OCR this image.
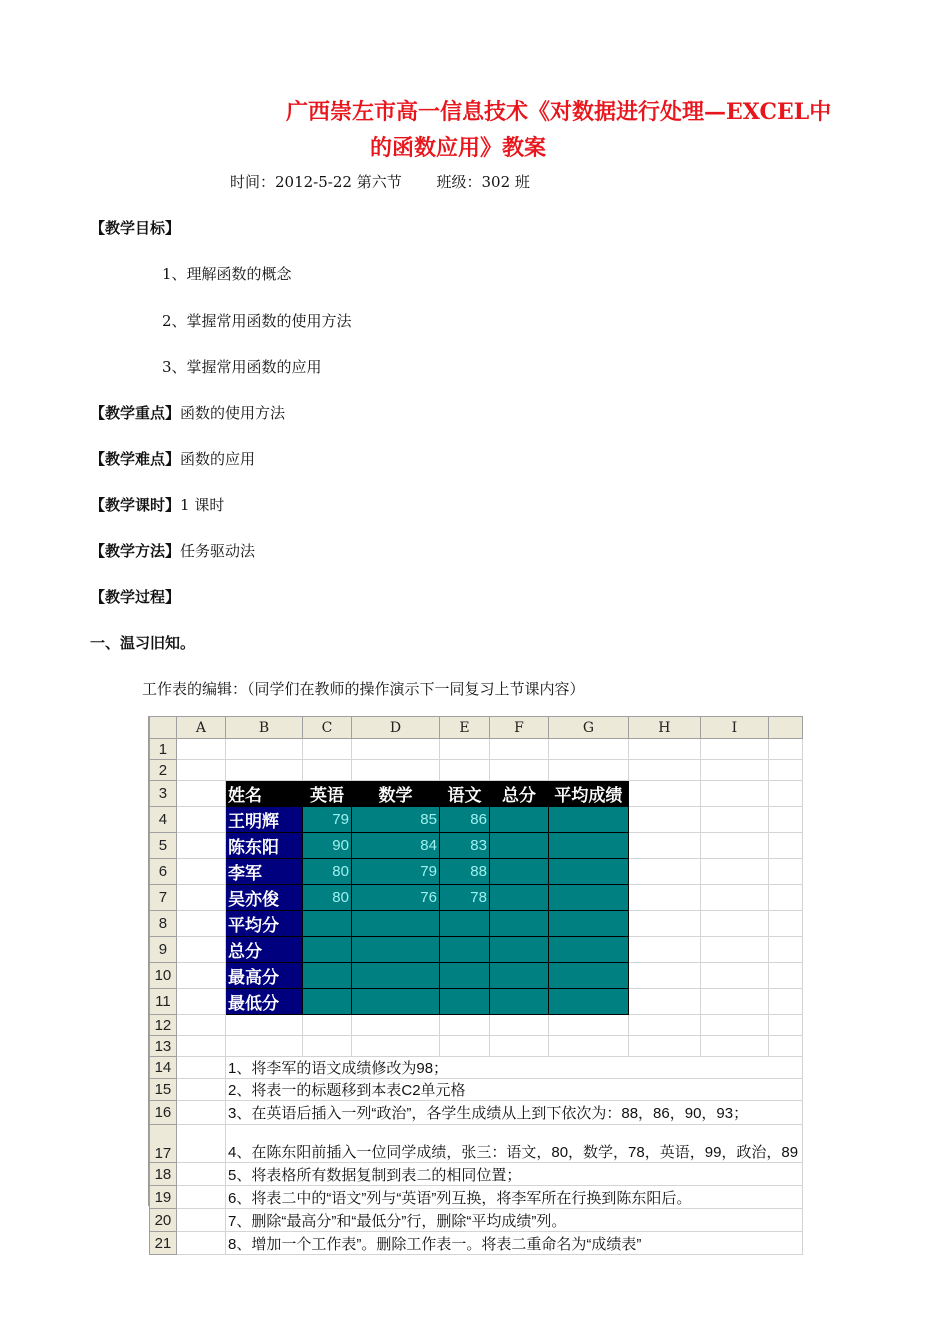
广西崇左市高一信息技术《对数据进行处理—EXCEL中
的函数应用》教案
时间：2012-5-22 第六节 班级：302 班
【教学目标】
1、理解函数的概念
2、掌握常用函数的使用方法
3、掌握常用函数的应用
【教学重点】函数的使用方法
【教学难点】函数的应用
【教学课时】1 课时
【教学方法】任务驱动法
【教学过程】
一、温习旧知。
工作表的编辑：（同学们在教师的操作演示下一同复习上节课内容）
	A	B	C	D	E	F	G	H	I	
1										
2										
3		姓名	英语	数学	语文	总分	平均成绩			
4		王明辉	79	85	86					
5		陈东阳	90	84	83					
6		李军	80	79	88					
7		吴亦俊	80	76	78					
8		平均分								
9		总分								
10		最高分								
11		最低分								
12										
13										
14		1、将李军的语文成绩修改为98；								
15		2、将表一的标题移到本表C2单元格								
16		3、在英语后插入一列“政治”，各学生成绩从上到下依次为：88，86，90，93；								
17		4、在陈东阳前插入一位同学成绩，张三：语文，80，数学，78，英语，99，政治，89								
18		5、将表格所有数据复制到表二的相同位置；								
19		6、将表二中的“语文”列与“英语”列互换，将李军所在行换到陈东阳后。								
20		7、删除“最高分”和“最低分”行，删除“平均成绩”列。								
21		8、增加一个工作表”。删除工作表一。将表二重命名为“成绩表”								
